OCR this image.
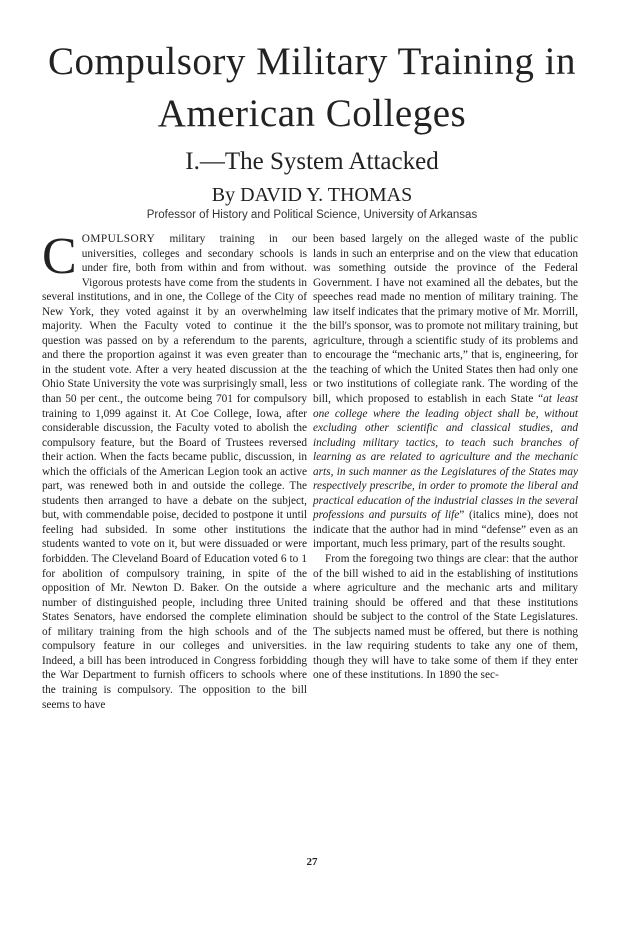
Compulsory Military Training in
American Colleges
I.—The System Attacked
By DAVID Y. THOMAS
Professor of History and Political Science, University of Arkansas

COMPULSORY military training in our universities, colleges and secondary schools is under fire, both from within and from without. Vigorous protests have come from the students in several institutions, and in one, the College of the City of New York, they voted against it by an overwhelming majority. When the Faculty voted to continue it the question was passed on by a referendum to the parents, and there the proportion against it was even greater than in the student vote. After a very heated discussion at the Ohio State University the vote was surprisingly small, less than 50 per cent., the outcome being 701 for compulsory training to 1,099 against it. At Coe College, Iowa, after considerable discussion, the Faculty voted to abolish the compulsory feature, but the Board of Trustees reversed their action. When the facts became public, discussion, in which the officials of the American Legion took an active part, was renewed both in and outside the college. The students then arranged to have a debate on the subject, but, with commendable poise, decided to postpone it until feeling had subsided. In some other institutions the students wanted to vote on it, but were dissuaded or were forbidden. The Cleveland Board of Education voted 6 to 1 for abolition of compulsory training, in spite of the opposition of Mr. Newton D. Baker. On the outside a number of distinguished people, including three United States Senators, have endorsed the complete elimination of military training from the high schools and of the compulsory feature in our colleges and universities. Indeed, a bill has been introduced in Congress forbidding the War Department to furnish officers to schools where the training is compulsory. The opposition to the bill seems to have

been based largely on the alleged waste of the public lands in such an enterprise and on the view that education was something outside the province of the Federal Government. I have not examined all the debates, but the speeches read made no mention of military training. The law itself indicates that the primary motive of Mr. Morrill, the bill's sponsor, was to promote not military training, but agriculture, through a scientific study of its problems and to encourage the “mechanic arts,” that is, engineering, for the teaching of which the United States then had only one or two institutions of collegiate rank. The wording of the bill, which proposed to establish in each State “at least one college where the leading object shall be, without excluding other scientific and classical studies, and including military tactics, to teach such branches of learning as are related to agriculture and the mechanic arts, in such manner as the Legislatures of the States may respectively prescribe, in order to promote the liberal and practical education of the industrial classes in the several professions and pursuits of life” (italics mine), does not indicate that the author had in mind “defense” even as an important, much less primary, part of the results sought.

From the foregoing two things are clear: that the author of the bill wished to aid in the establishing of institutions where agriculture and the mechanic arts and military training should be offered and that these institutions should be subject to the control of the State Legislatures. The subjects named must be offered, but there is nothing in the law requiring students to take any one of them, though they will have to take some of them if they enter one of these institutions. In 1890 the sec-

27
